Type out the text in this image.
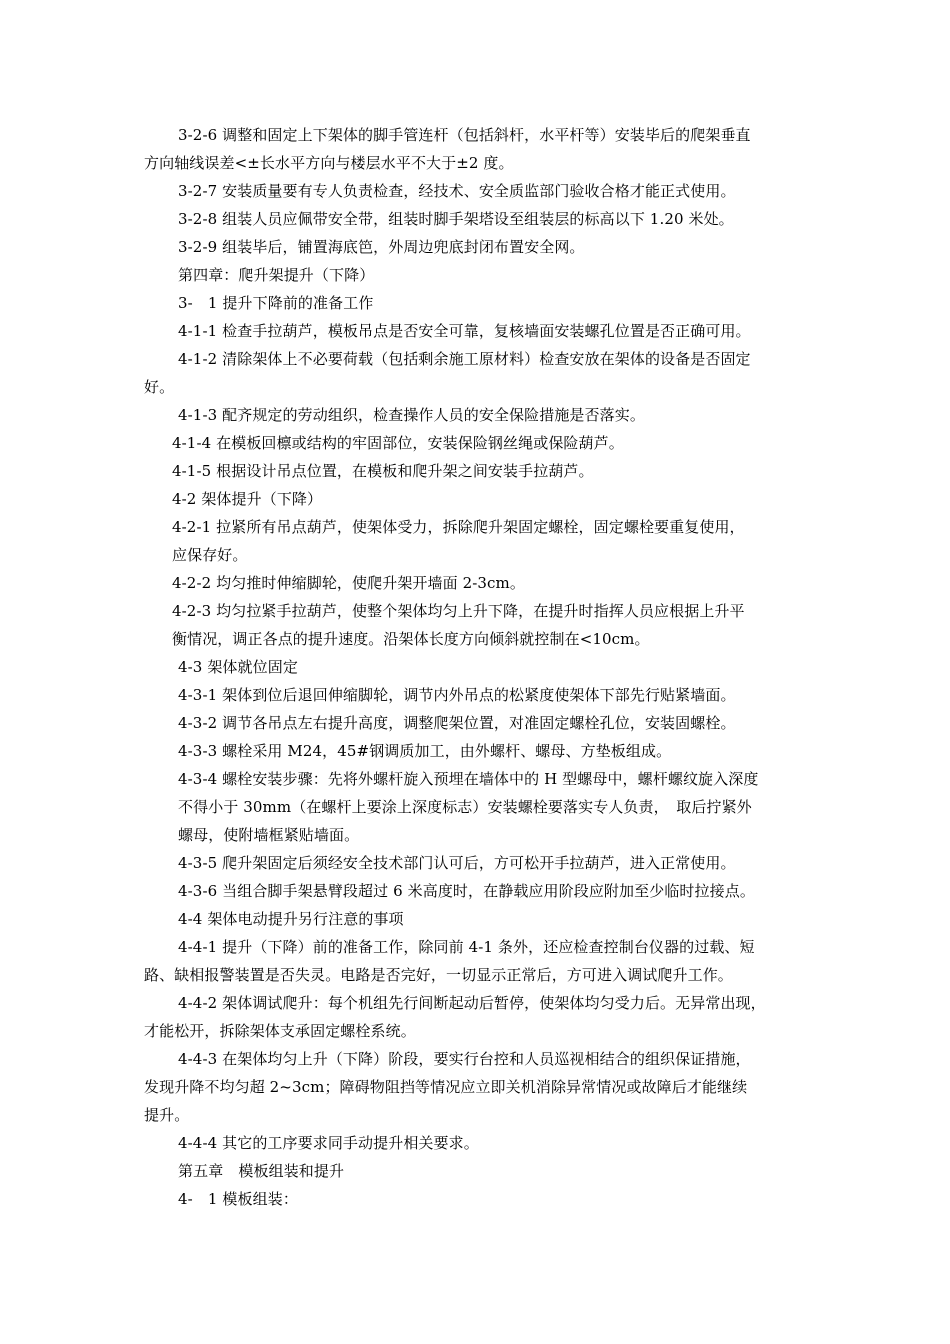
3-2-6 调整和固定上下架体的脚手管连杆（包括斜杆，水平杆等）安装毕后的爬架垂直
方向轴线误差<±长水平方向与楼层水平不大于±2 度。
3-2-7 安装质量要有专人负责检查，经技术、安全质监部门验收合格才能正式使用。
3-2-8 组装人员应佩带安全带，组装时脚手架塔设至组装层的标高以下 1.20 米处。
3-2-9 组装毕后，铺置海底笆，外周边兜底封闭布置安全网。
第四章：爬升架提升（下降）
3-　1 提升下降前的准备工作
4-1-1 检查手拉葫芦，模板吊点是否安全可靠，复核墙面安装螺孔位置是否正确可用。
4-1-2 清除架体上不必要荷载（包括剩余施工原材料）检查安放在架体的设备是否固定
好。
4-1-3 配齐规定的劳动组织，检查操作人员的安全保险措施是否落实。
4-1-4 在模板回檩或结构的牢固部位，安装保险钢丝绳或保险葫芦。
4-1-5 根据设计吊点位置，在模板和爬升架之间安装手拉葫芦。
4-2 架体提升（下降）
4-2-1 拉紧所有吊点葫芦，使架体受力，拆除爬升架固定螺栓，固定螺栓要重复使用，
应保存好。
4-2-2 均匀推时伸缩脚轮，使爬升架开墙面 2-3cm。
4-2-3 均匀拉紧手拉葫芦，使整个架体均匀上升下降，在提升时指挥人员应根据上升平
衡情况，调正各点的提升速度。沿架体长度方向倾斜就控制在<10cm。
4-3 架体就位固定
4-3-1 架体到位后退回伸缩脚轮，调节内外吊点的松紧度使架体下部先行贴紧墙面。
4-3-2 调节各吊点左右提升高度，调整爬架位置，对准固定螺栓孔位，安装固螺栓。
4-3-3 螺栓采用 M24，45#钢调质加工，由外螺杆、螺母、方垫板组成。
4-3-4 螺栓安装步骤：先将外螺杆旋入预埋在墙体中的 H 型螺母中，螺杆螺纹旋入深度
不得小于 30mm（在螺杆上要涂上深度标志）安装螺栓要落实专人负责，　取后拧紧外
螺母，使附墙框紧贴墙面。
4-3-5 爬升架固定后须经安全技术部门认可后，方可松开手拉葫芦，进入正常使用。
4-3-6 当组合脚手架悬臂段超过 6 米高度时，在静载应用阶段应附加至少临时拉接点。
4-4 架体电动提升另行注意的事项
4-4-1 提升（下降）前的准备工作，除同前 4-1 条外，还应检查控制台仪器的过载、短
路、缺相报警装置是否失灵。电路是否完好，一切显示正常后，方可进入调试爬升工作。
4-4-2 架体调试爬升：每个机组先行间断起动后暂停，使架体均匀受力后。无异常出现，
才能松开，拆除架体支承固定螺栓系统。
4-4-3 在架体均匀上升（下降）阶段，要实行台控和人员巡视相结合的组织保证措施，
发现升降不均匀超 2~3cm；障碍物阻挡等情况应立即关机消除异常情况或故障后才能继续
提升。
4-4-4 其它的工序要求同手动提升相关要求。
第五章　模板组装和提升
4-　1 模板组装：
